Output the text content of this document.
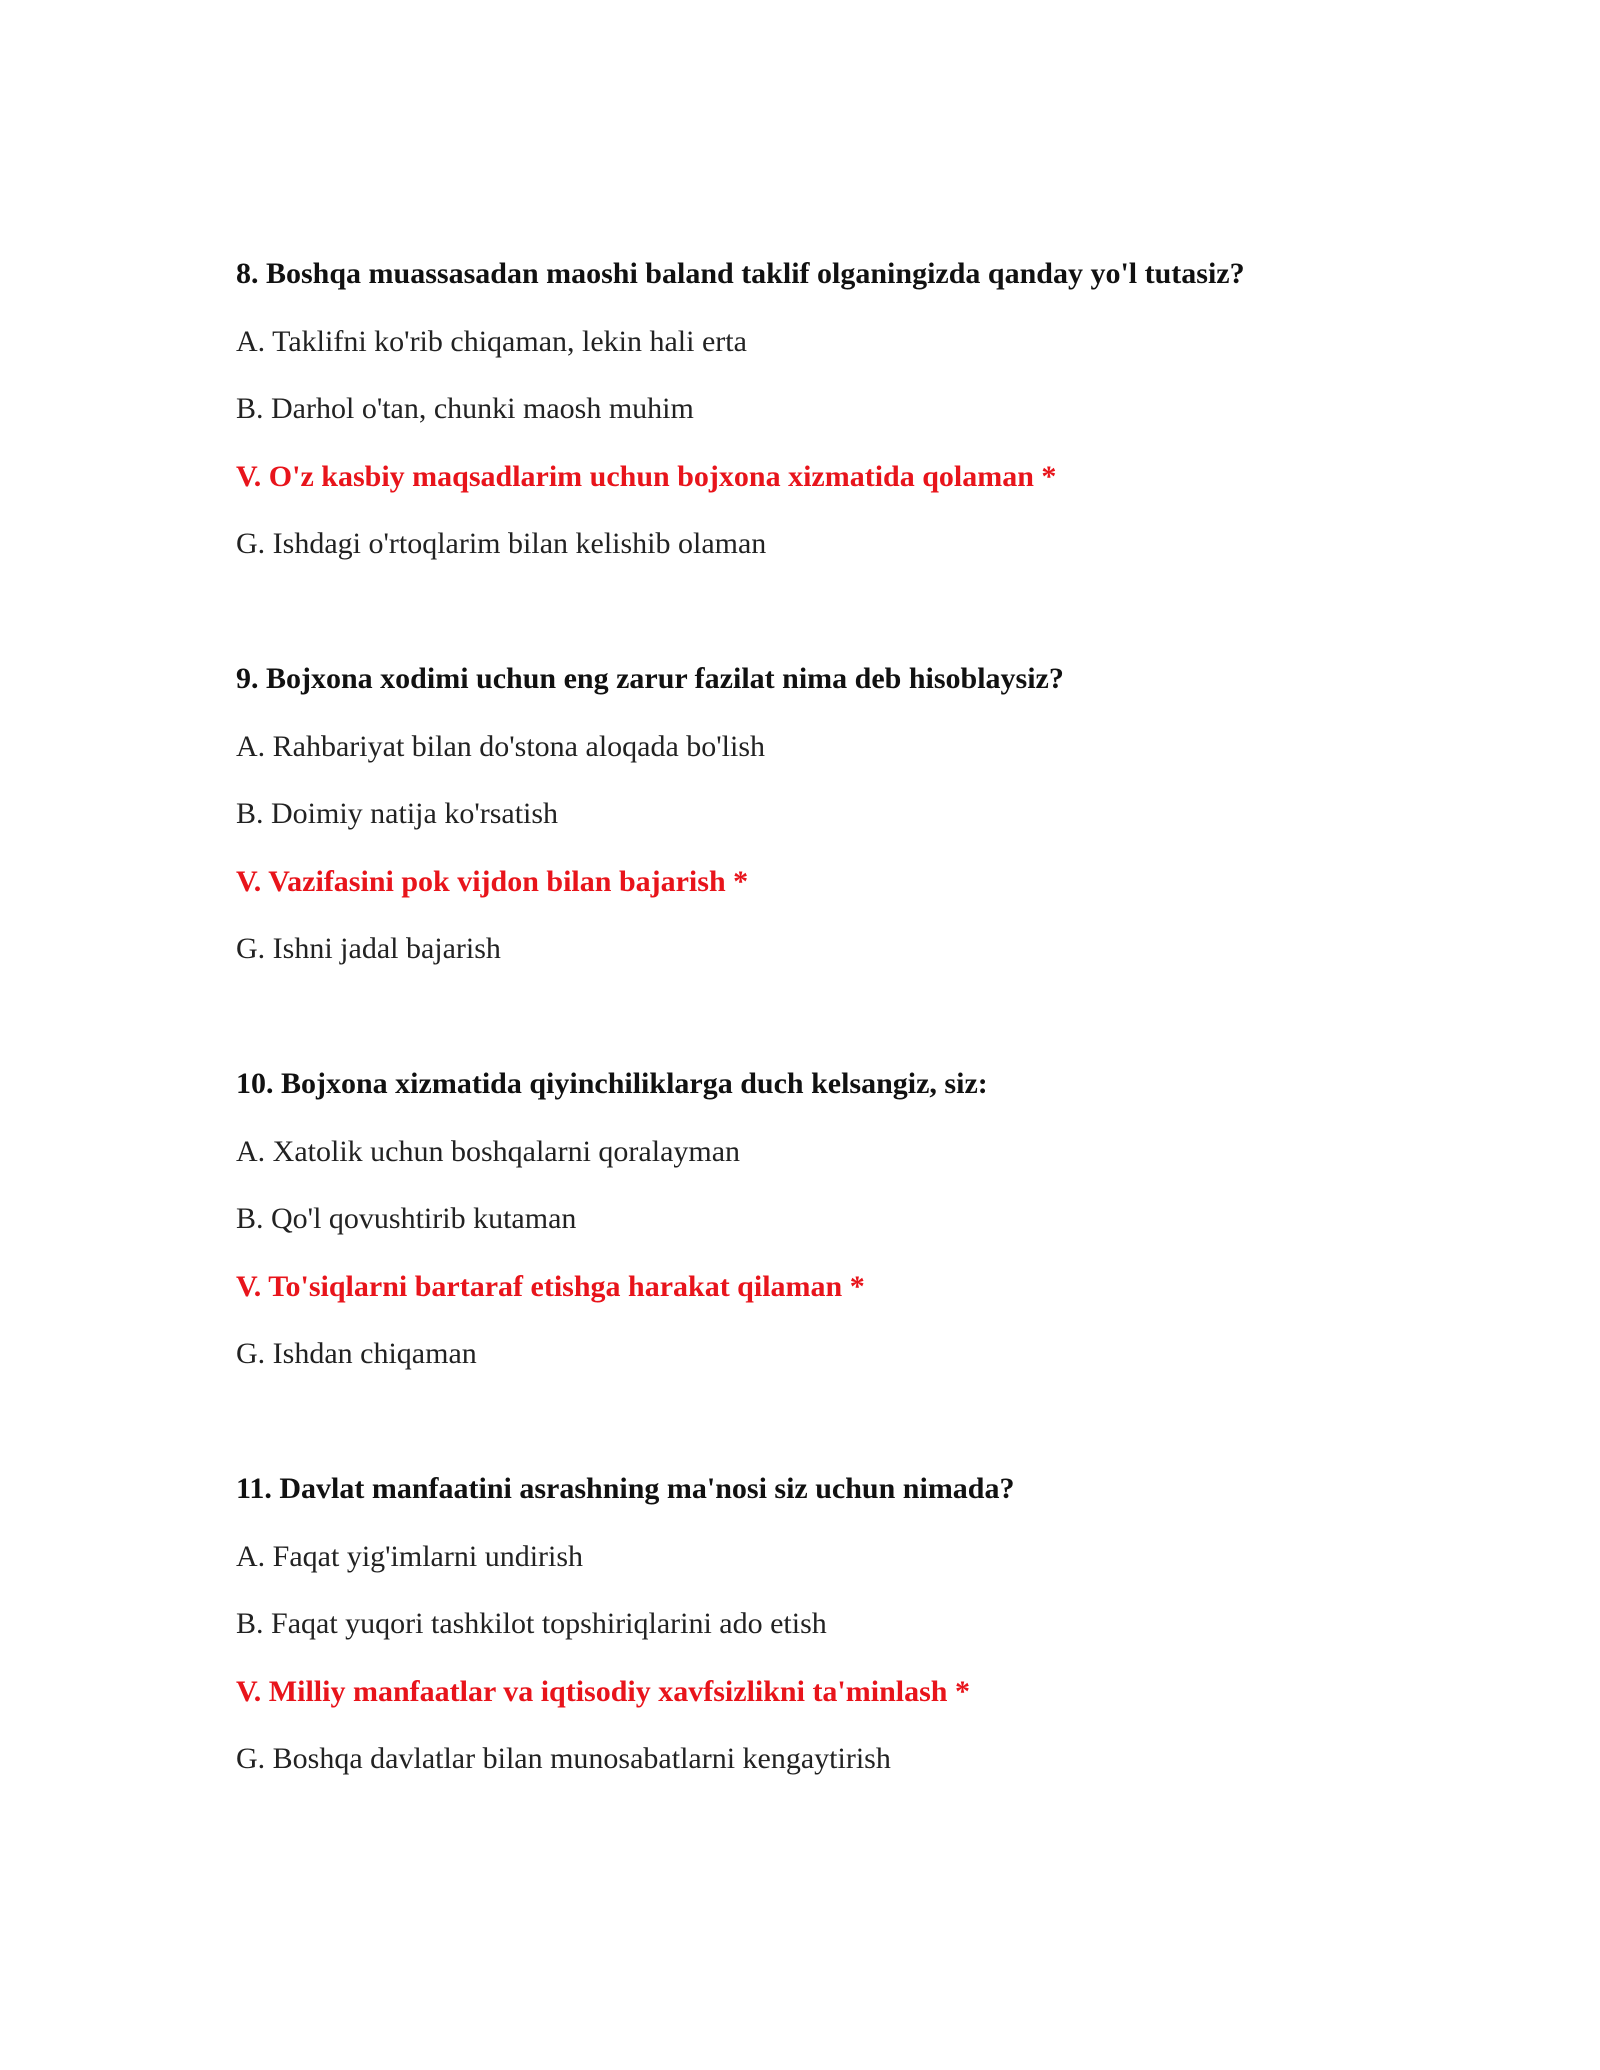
8. Boshqa muassasadan maoshi baland taklif olganingizda qanday yo'l tutasiz?
A. Taklifni ko'rib chiqaman, lekin hali erta
B. Darhol o'tan, chunki maosh muhim
V. O'z kasbiy maqsadlarim uchun bojxona xizmatida qolaman *
G. Ishdagi o'rtoqlarim bilan kelishib olaman
9. Bojxona xodimi uchun eng zarur fazilat nima deb hisoblaysiz?
A. Rahbariyat bilan do'stona aloqada bo'lish
B. Doimiy natija ko'rsatish
V. Vazifasini pok vijdon bilan bajarish *
G. Ishni jadal bajarish
10. Bojxona xizmatida qiyinchiliklarga duch kelsangiz, siz:
A. Xatolik uchun boshqalarni qoralayman
B. Qo'l qovushtirib kutaman
V. To'siqlarni bartaraf etishga harakat qilaman *
G. Ishdan chiqaman
11. Davlat manfaatini asrashning ma'nosi siz uchun nimada?
A. Faqat yig'imlarni undirish
B. Faqat yuqori tashkilot topshiriqlarini ado etish
V. Milliy manfaatlar va iqtisodiy xavfsizlikni ta'minlash *
G. Boshqa davlatlar bilan munosabatlarni kengaytirish
